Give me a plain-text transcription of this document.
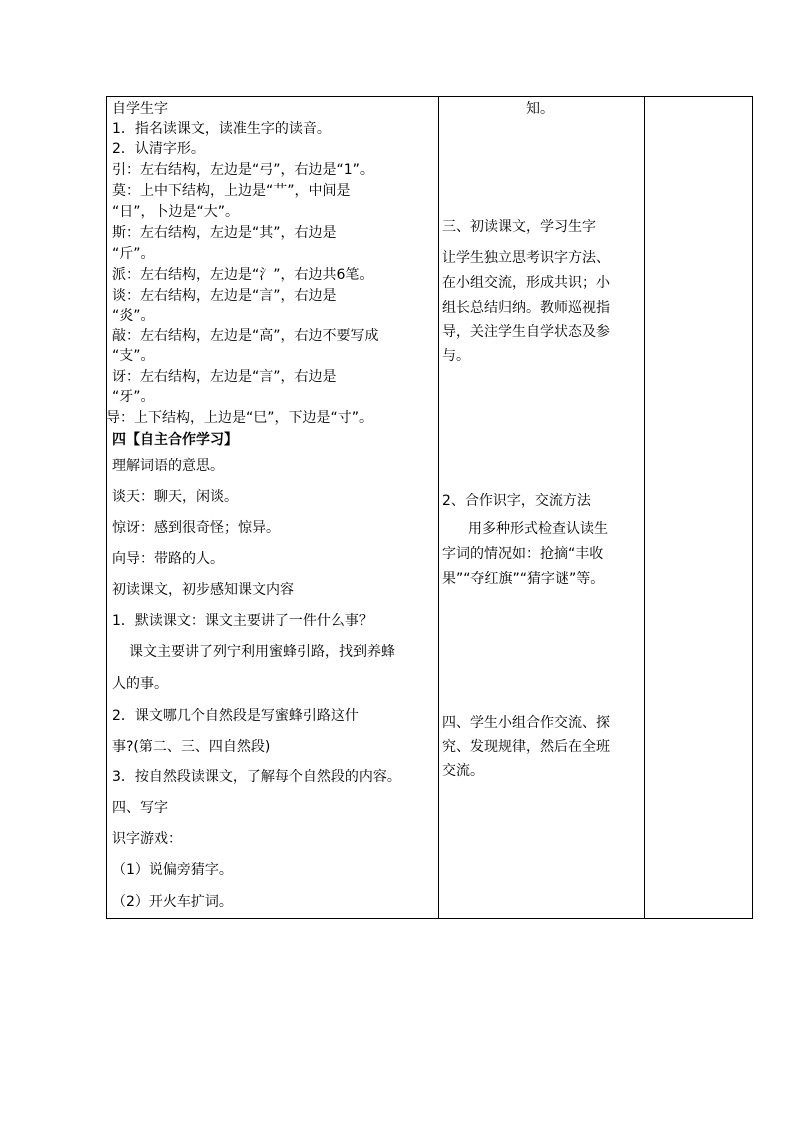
自学生字
1．指名读课文，读准生字的读音。
2．认清字形。
引：左右结构，左边是“弓”，右边是“1”。
莫：上中下结构，上边是“艹”，中间是
“日”，卜边是“大”。
斯：左右结构，左边是“其”，右边是
“斤”。
派：左右结构，左边是“氵”，右边共6笔。
谈：左右结构，左边是“言”，右边是
“炎”。
敲：左右结构，左边是“高”，右边不要写成
“支”。
讶：左右结构，左边是“言”，右边是
“牙”。
导：上下结构，上边是“巳”，下边是“寸”。
四【自主合作学习】
理解词语的意思。
谈天：聊天，闲谈。
惊讶：感到很奇怪；惊异。
向导：带路的人。
初读课文，初步感知课文内容
1．默读课文：课文主要讲了一件什么事？
课文主要讲了列宁利用蜜蜂引路，找到养蜂
人的事。
2．课文哪几个自然段是写蜜蜂引路这什
事?(第二、三、四自然段)
3．按自然段读课文，了解每个自然段的内容。
四、写字
识字游戏：
（1）说偏旁猜字。
（2）开火车扩词。
知。
三、初读课文，学习生字
让学生独立思考识字方法、
在小组交流，形成共识；小
组长总结归纳。教师巡视指
导，关注学生自学状态及参
与。
2、合作识字，交流方法
用多种形式检查认读生
字词的情况如：抢摘“丰收
果”“夺红旗”“猜字谜”等。
四、学生小组合作交流、探
究、发现规律，然后在全班
交流。
